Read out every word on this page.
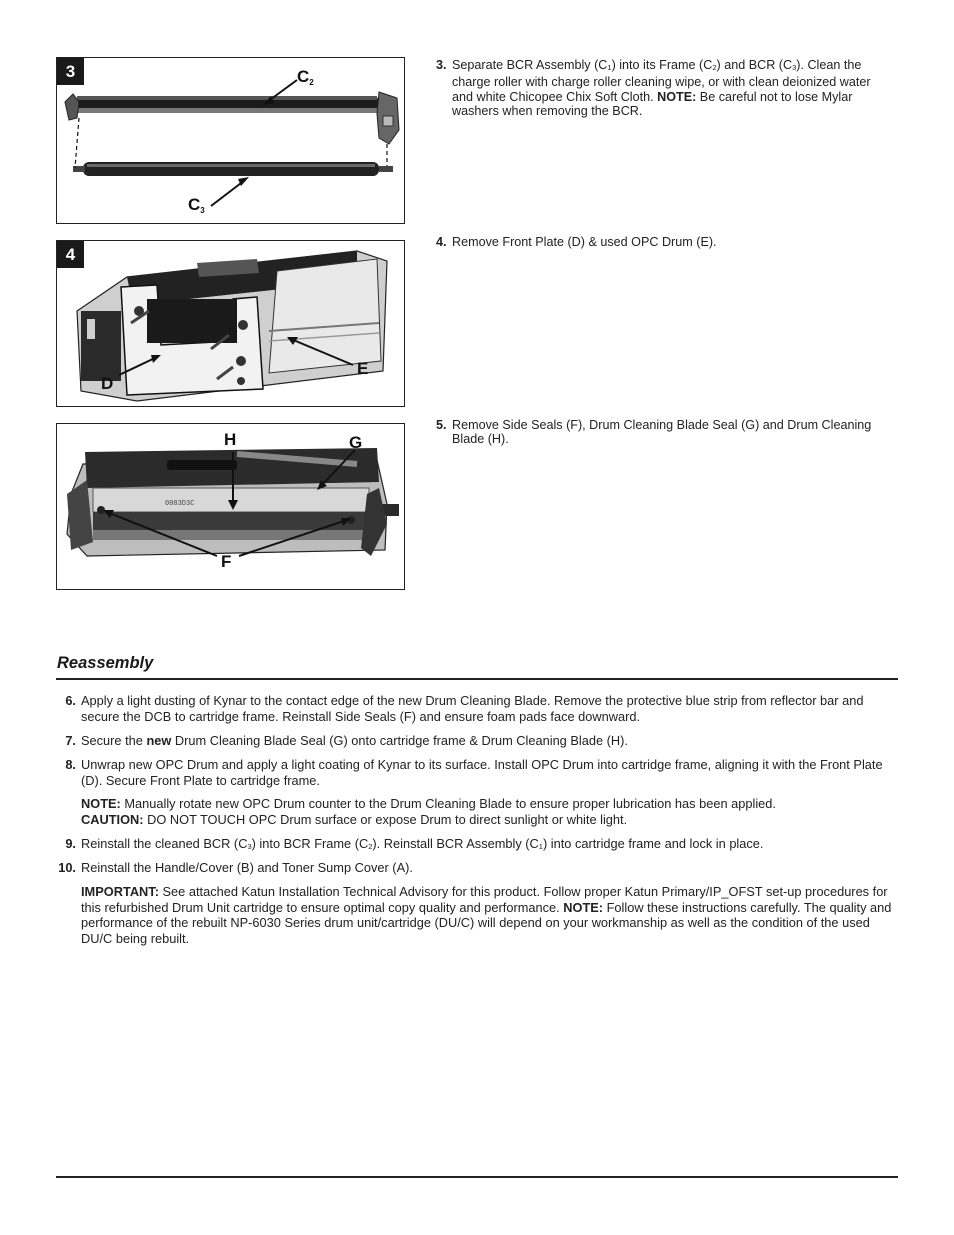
C2
C3
3
D
E
4
0083D3C
H	G
F
3. Separate BCR Assembly (C1) into its Frame (C2) and BCR (C3). Clean the charge roller with charge roller cleaning wipe, or with clean deionized water and white Chicopee Chix Soft Cloth. NOTE: Be careful not to lose Mylar washers when removing the BCR.
4. Remove Front Plate (D) & used OPC Drum (E).
5. Remove Side Seals (F), Drum Cleaning Blade Seal (G) and Drum Cleaning Blade (H).
Reassembly
6. Apply a light dusting of Kynar to the contact edge of the new Drum Cleaning Blade. Remove the protective blue strip from reflector bar and secure the DCB to cartridge frame. Reinstall Side Seals (F) and ensure foam pads face downward.
7. Secure the new Drum Cleaning Blade Seal (G) onto cartridge frame & Drum Cleaning Blade (H).
8. Unwrap new OPC Drum and apply a light coating of Kynar to its surface. Install OPC Drum into cartridge frame, aligning it with the Front Plate (D). Secure Front Plate to cartridge frame.
NOTE: Manually rotate new OPC Drum counter to the Drum Cleaning Blade to ensure proper lubrication has been applied.
CAUTION: DO NOT TOUCH OPC Drum surface or expose Drum to direct sunlight or white light.
9. Reinstall the cleaned BCR (C3) into BCR Frame (C2). Reinstall BCR Assembly (C1) into cartridge frame and lock in place.
10. Reinstall the Handle/Cover (B) and Toner Sump Cover (A).
IMPORTANT: See attached Katun Installation Technical Advisory for this product. Follow proper Katun Primary/IP_OFST set-up procedures for this refurbished Drum Unit cartridge to ensure optimal copy quality and performance. NOTE: Follow these instructions carefully. The quality and performance of the rebuilt NP-6030 Series drum unit/cartridge (DU/C) will depend on your workmanship as well as the condition of the used DU/C being rebuilt.
